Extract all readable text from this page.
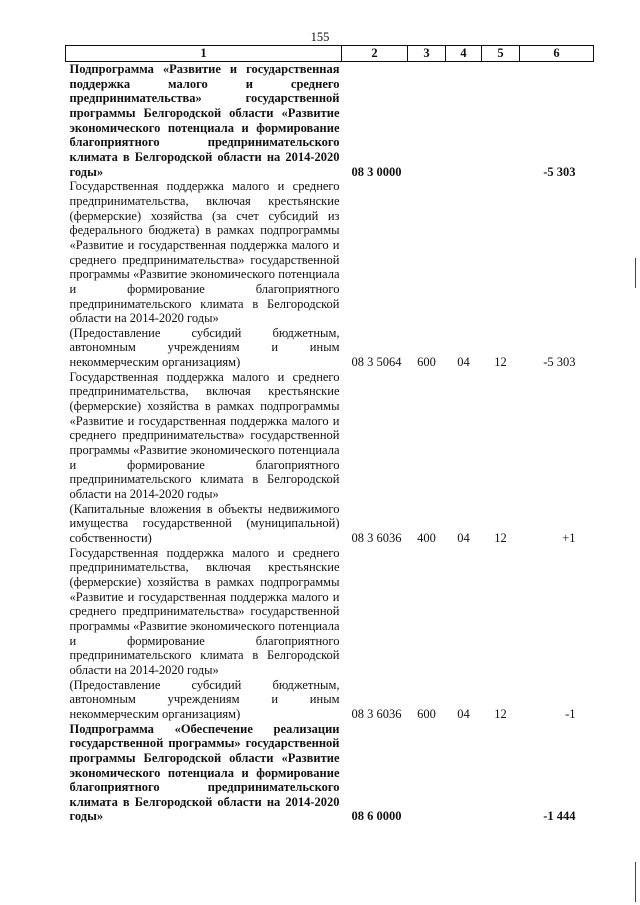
155
1	2	3	4	5	6

Подпрограмма «Развитие и государственная поддержка малого и среднего предпринимательства» государственной программы Белгородской области «Развитие экономического потенциала и формирование благоприятного предпринимательского климата в Белгородской области на 2014-2020 годы»	08 3 0000				-5 303

Государственная поддержка малого и среднего предпринимательства, включая крестьянские (фермерские) хозяйства (за счет субсидий из федерального бюджета) в рамках подпрограммы «Развитие и государственная поддержка малого и среднего предпринимательства» государственной программы «Развитие экономического потенциала и формирование благоприятного предпринимательского климата в Белгородской области на 2014-2020 годы»
(Предоставление субсидий бюджетным, автономным учреждениям и иным некоммерческим организациям)	08 3 5064	600	04	12	-5 303

Государственная поддержка малого и среднего предпринимательства, включая крестьянские (фермерские) хозяйства в рамках подпрограммы «Развитие и государственная поддержка малого и среднего предпринимательства» государственной программы «Развитие экономического потенциала и формирование благоприятного предпринимательского климата в Белгородской области на 2014-2020 годы»
(Капитальные вложения в объекты недвижимого имущества государственной (муниципальной) собственности)	08 3 6036	400	04	12	+1

Государственная поддержка малого и среднего предпринимательства, включая крестьянские (фермерские) хозяйства в рамках подпрограммы «Развитие и государственная поддержка малого и среднего предпринимательства» государственной программы «Развитие экономического потенциала и формирование благоприятного предпринимательского климата в Белгородской области на 2014-2020 годы»
(Предоставление субсидий бюджетным, автономным учреждениям и иным некоммерческим организациям)	08 3 6036	600	04	12	-1

Подпрограмма «Обеспечение реализации государственной программы» государственной программы Белгородской области «Развитие экономического потенциала и формирование благоприятного предпринимательского климата в Белгородской области на 2014-2020 годы»	08 6 0000				-1 444
